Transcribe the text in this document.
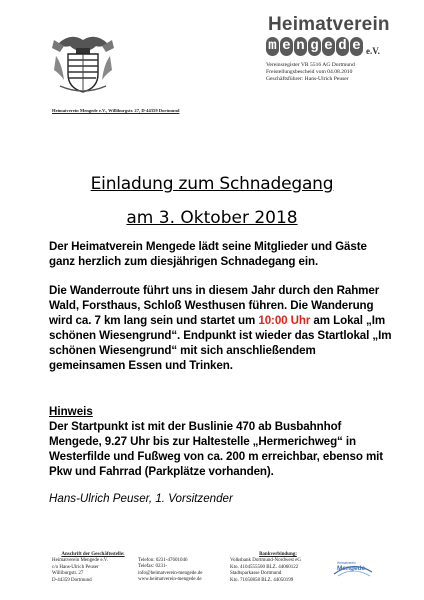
Heimatverein
m e n g e d e e.V.
Vereinsregister VR 5516 AG Dortmund
Freistellungsbescheid vom 04.08.2010
Geschäftsführer: Hans-Ulrich Peuser
Heimatverein Mengede e.V., Williburgstr. 27, D-44359 Dortmund
Einladung zum Schnadegang
am 3. Oktober 2018
Der Heimatverein Mengede lädt seine Mitglieder und Gäste ganz herzlich zum diesjährigen Schnadegang ein.
Die Wanderroute führt uns in diesem Jahr durch den Rahmer Wald, Forsthaus, Schloß Westhusen führen. Die Wanderung wird ca. 7 km lang sein und startet um 10:00 Uhr am Lokal „Im schönen Wiesengrund“. Endpunkt ist wieder das Startlokal „Im schönen Wiesengrund“ mit sich anschließendem gemeinsamen Essen und Trinken.
Hinweis
Der Startpunkt ist mit der Buslinie 470 ab Busbahnhof Mengede, 9.27 Uhr bis zur Haltestelle „Hermerichweg“ in Westerfilde und Fußweg von ca. 200 m erreichbar, ebenso mit Pkw und Fahrrad (Parkplätze vorhanden).
Hans-Ulrich Peuser, 1. Vorsitzender
Anschrift der Geschäftsstelle:
Heimatverein Mengede e.V.
c/o Hans-Ulrich Peuser
Williburgstr. 27
D-44359 Dortmund
Telefon: 0231-47601046
Telefax: 0231-
info@heimatverein-mengede.de
www.heimatverein-mengede.de
Bankverbindung:
Volksbank Dortmund-Nordwest eG
Kto. 4104555500 BLZ. 44060122
Stadtsparkasse Dortmund
Kto. 71050858 BLZ. 44050199
Heimatverein
Mengede
